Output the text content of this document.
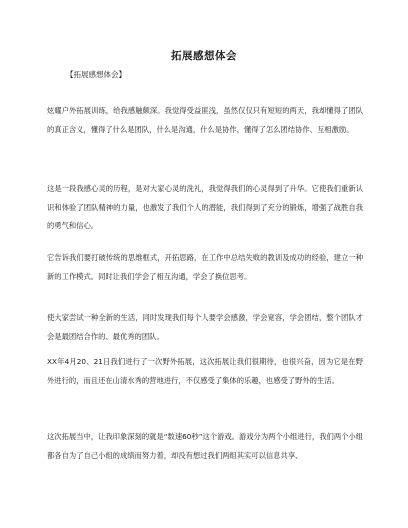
拓展感想体会

【拓展感想体会】

炫耀户外拓展训练，给我感触颇深。我觉得受益匪浅，虽然仅仅只有短短的两天，我却懂得了团队的真正含义，懂得了什么是团队，什么是沟通，什么是协作，懂得了怎么团结协作、互相激励。

这是一段我感心灵的历程，是对大家心灵的洗礼，我觉得我们的心灵得到了升华。它使我们重新认识和体验了团队精神的力量，也激发了我们个人的潜能，我们得到了充分的锻炼，增强了战胜自我的勇气和信心。

它告诉我们要打破传统的思维框式，开拓思路，在工作中总结失败的教训及成功的经验，建立一种新的工作模式。同时让我们学会了相互沟通，学会了换位思考。

使大家尝试一种全新的生活，同时发现我们每个人要学会感激，学会宽容，学会团结，整个团队才会是最团结合作的、最优秀的团队。

XX年4月20、21日我们进行了一次野外拓展，这次拓展让我们很期待，也很兴奋，因为它是在野外进行的，而且还在山清水秀的营地进行，不仅感受了集体的乐趣，也感受了野外的生活。

这次拓展当中，让我印象深刻的就是“数速60秒”这个游戏。游戏分为两个小组进行，我们两个小组都各自为了自己小组的成绩而努力着，却没有想过我们两组其实可以信息共享、
